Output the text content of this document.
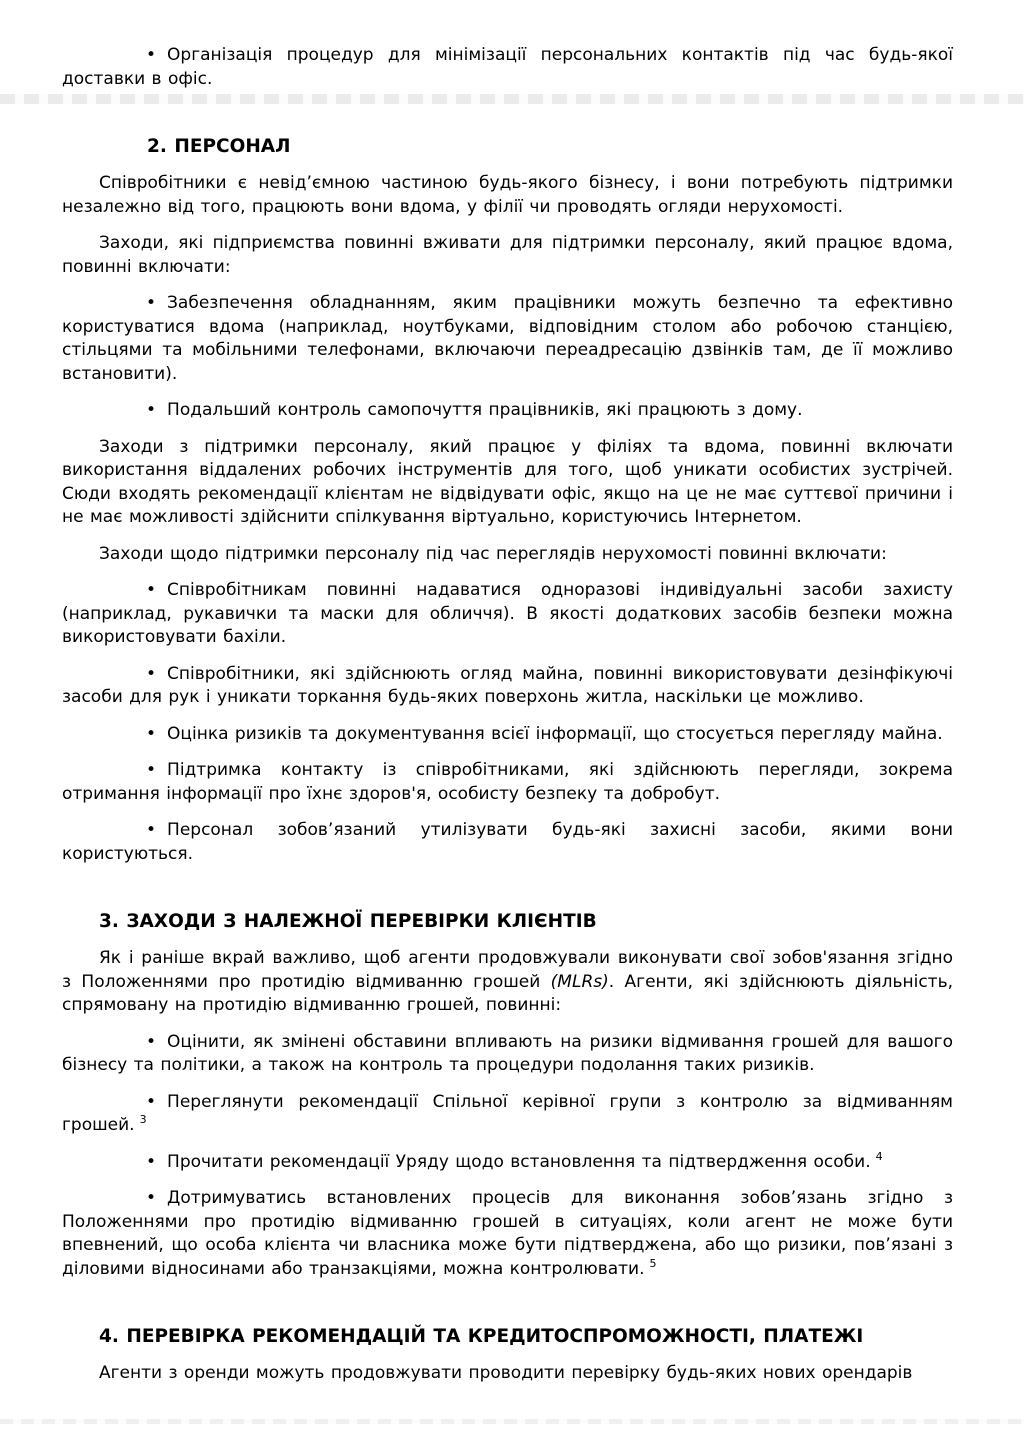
• Організація процедур для мінімізації персональних контактів під час будь-якої доставки в офіс.

2. ПЕРСОНАЛ

Співробітники є невід’ємною частиною будь-якого бізнесу, і вони потребують підтримки незалежно від того, працюють вони вдома, у філії чи проводять огляди нерухомості.

Заходи, які підприємства повинні вживати для підтримки персоналу, який працює вдома, повинні включати:

• Забезпечення обладнанням, яким працівники можуть безпечно та ефективно користуватися вдома (наприклад, ноутбуками, відповідним столом або робочою станцією, стільцями та мобільними телефонами, включаючи переадресацію дзвінків там, де її можливо встановити).

• Подальший контроль самопочуття працівників, які працюють з дому.

Заходи з підтримки персоналу, який працює у філіях та вдома, повинні включати використання віддалених робочих інструментів для того, щоб уникати особистих зустрічей. Сюди входять рекомендації клієнтам не відвідувати офіс, якщо на це не має суттєвої причини і не має можливості здійснити спілкування віртуально, користуючись Інтернетом.

Заходи щодо підтримки персоналу під час переглядів нерухомості повинні включати:

• Співробітникам повинні надаватися одноразові індивідуальні засоби захисту (наприклад, рукавички та маски для обличчя). В якості додаткових засобів безпеки можна використовувати бахіли.

• Співробітники, які здійснюють огляд майна, повинні використовувати дезінфікуючі засоби для рук і уникати торкання будь-яких поверхонь житла, наскільки це можливо.

• Оцінка ризиків та документування всієї інформації, що стосується перегляду майна.

• Підтримка контакту із співробітниками, які здійснюють перегляди, зокрема отримання інформації про їхнє здоров'я, особисту безпеку та добробут.

• Персонал зобов’язаний утилізувати будь-які захисні засоби, якими вони користуються.

3. ЗАХОДИ З НАЛЕЖНОЇ ПЕРЕВІРКИ КЛІЄНТІВ

Як і раніше вкрай важливо, щоб агенти продовжували виконувати свої зобов'язання згідно з Положеннями про протидію відмиванню грошей (MLRs). Агенти, які здійснюють діяльність, спрямовану на протидію відмиванню грошей, повинні:

• Оцінити, як змінені обставини впливають на ризики відмивання грошей для вашого бізнесу та політики, а також на контроль та процедури подолання таких ризиків.

• Переглянути рекомендації Спільної керівної групи з контролю за відмиванням грошей. $^3$

• Прочитати рекомендації Уряду щодо встановлення та підтвердження особи. $^4$

• Дотримуватись встановлених процесів для виконання зобов’язань згідно з Положеннями про протидію відмиванню грошей в ситуаціях, коли агент не може бути впевнений, що особа клієнта чи власника може бути підтверджена, або що ризики, пов’язані з діловими відносинами або транзакціями, можна контролювати. $^5$

4. ПЕРЕВІРКА РЕКОМЕНДАЦІЙ ТА КРЕДИТОСПРОМОЖНОСТІ, ПЛАТЕЖІ

Агенти з оренди можуть продовжувати проводити перевірку будь-яких нових орендарів
